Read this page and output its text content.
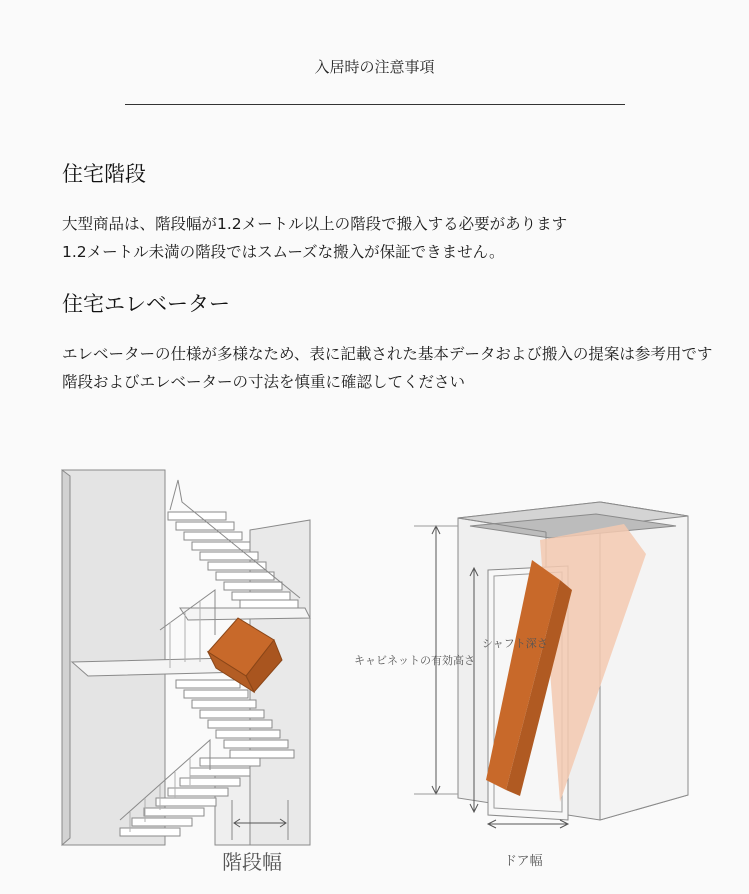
入居時の注意事項
住宅階段
大型商品は、階段幅が1.2メートル以上の階段で搬入する必要があります
1.2メートル未満の階段ではスムーズな搬入が保証できません。
住宅エレベーター
エレベーターの仕様が多様なため、表に記載された基本データおよび搬入の提案は参考用です
階段およびエレベーターの寸法を慎重に確認してください
階段幅	ドア幅
キャビネットの有効高さ
シャフト深さ
